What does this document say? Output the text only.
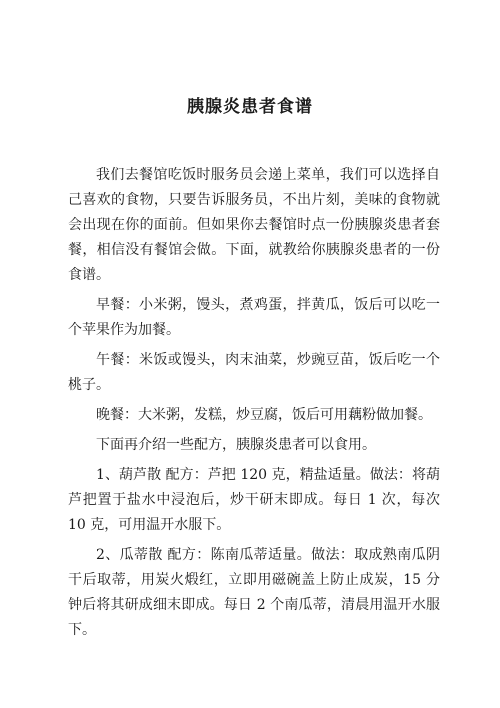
胰腺炎患者食谱

我们去餐馆吃饭时服务员会递上菜单，我们可以选择自己喜欢的食物，只要告诉服务员，不出片刻，美味的食物就会出现在你的面前。但如果你去餐馆时点一份胰腺炎患者套餐，相信没有餐馆会做。下面，就教给你胰腺炎患者的一份食谱。

早餐：小米粥，馒头，煮鸡蛋，拌黄瓜，饭后可以吃一个苹果作为加餐。

午餐：米饭或馒头，肉末油菜，炒豌豆苗，饭后吃一个桃子。

晚餐：大米粥，发糕，炒豆腐，饭后可用藕粉做加餐。

下面再介绍一些配方，胰腺炎患者可以食用。

1、葫芦散 配方：芦把 120 克，精盐适量。做法：将葫芦把置于盐水中浸泡后，炒干研末即成。每日 1 次，每次 10 克，可用温开水服下。

2、瓜蒂散 配方：陈南瓜蒂适量。做法：取成熟南瓜阴干后取蒂，用炭火煅红，立即用磁碗盖上防止成炭，15 分钟后将其研成细末即成。每日 2 个南瓜蒂，清晨用温开水服下。
